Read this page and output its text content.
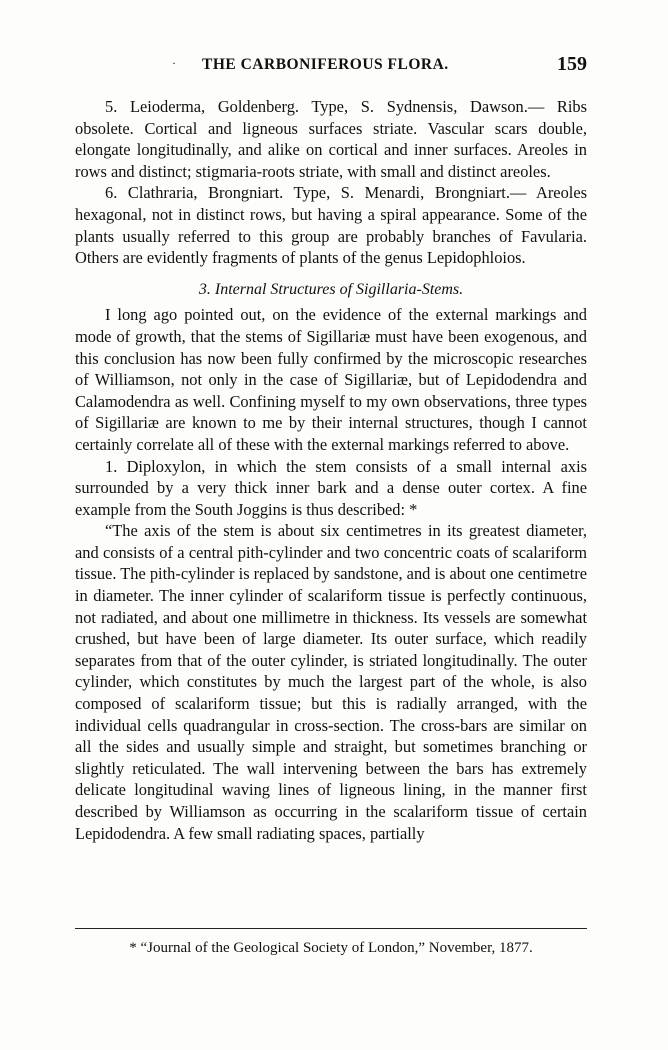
· THE CARBONIFEROUS FLORA.	159

5. Leioderma, Goldenberg. Type, S. Sydnensis, Dawson.— Ribs obsolete. Cortical and ligneous surfaces striate. Vascular scars double, elongate longitudinally, and alike on cortical and inner surfaces. Areoles in rows and distinct; stigmaria-roots striate, with small and distinct areoles.

6. Clathraria, Brongniart. Type, S. Menardi, Brongniart.— Areoles hexagonal, not in distinct rows, but having a spiral appearance. Some of the plants usually referred to this group are probably branches of Favularia. Others are evidently fragments of plants of the genus Lepidophloios.

3. Internal Structures of Sigillaria-Stems.

I long ago pointed out, on the evidence of the external markings and mode of growth, that the stems of Sigillariæ must have been exogenous, and this conclusion has now been fully confirmed by the microscopic researches of Williamson, not only in the case of Sigillariæ, but of Lepidodendra and Calamodendra as well. Confining myself to my own observations, three types of Sigillariæ are known to me by their internal structures, though I cannot certainly correlate all of these with the external markings referred to above.

1. Diploxylon, in which the stem consists of a small internal axis surrounded by a very thick inner bark and a dense outer cortex. A fine example from the South Joggins is thus described: *

“The axis of the stem is about six centimetres in its greatest diameter, and consists of a central pith-cylinder and two concentric coats of scalariform tissue. The pith-cylinder is replaced by sandstone, and is about one centimetre in diameter. The inner cylinder of scalariform tissue is perfectly continuous, not radiated, and about one millimetre in thickness. Its vessels are somewhat crushed, but have been of large diameter. Its outer surface, which readily separates from that of the outer cylinder, is striated longitudinally. The outer cylinder, which constitutes by much the largest part of the whole, is also composed of scalariform tissue; but this is radially arranged, with the individual cells quadrangular in cross-section. The cross-bars are similar on all the sides and usually simple and straight, but sometimes branching or slightly reticulated. The wall intervening between the bars has extremely delicate longitudinal waving lines of ligneous lining, in the manner first described by Williamson as occurring in the scalariform tissue of certain Lepidodendra. A few small radiating spaces, partially

* “Journal of the Geological Society of London,” November, 1877.
